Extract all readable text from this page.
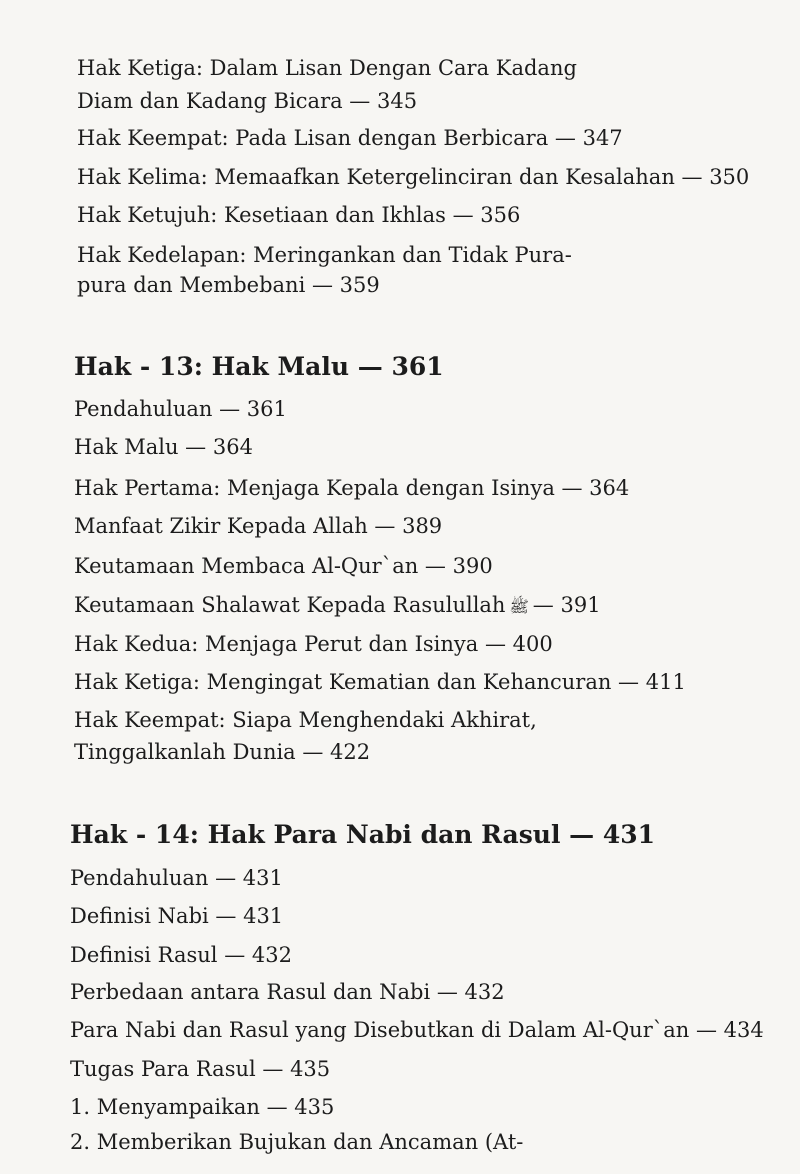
Hak Ketiga: Dalam Lisan Dengan Cara Kadang
Diam dan Kadang Bicara — 345
Hak Keempat: Pada Lisan dengan Berbicara — 347
Hak Kelima: Memaafkan Ketergelinciran dan Kesalahan — 350
Hak Ketujuh: Kesetiaan dan Ikhlas — 356
Hak Kedelapan: Meringankan dan Tidak Pura-
pura dan Membebani — 359
Hak - 13: Hak Malu — 361
Pendahuluan — 361
Hak Malu — 364
Hak Pertama: Menjaga Kepala dengan Isinya — 364
Manfaat Zikir Kepada Allah — 389
Keutamaan Membaca Al-Qur`an — 390
Keutamaan Shalawat Kepada Rasulullah ﷺ — 391
Hak Kedua: Menjaga Perut dan Isinya — 400
Hak Ketiga: Mengingat Kematian dan Kehancuran — 411
Hak Keempat: Siapa Menghendaki Akhirat,
Tinggalkanlah Dunia — 422
Hak - 14: Hak Para Nabi dan Rasul — 431
Pendahuluan — 431
Definisi Nabi — 431
Definisi Rasul — 432
Perbedaan antara Rasul dan Nabi — 432
Para Nabi dan Rasul yang Disebutkan di Dalam Al-Qur`an — 434
Tugas Para Rasul — 435
1. Menyampaikan — 435
2. Memberikan Bujukan dan Ancaman (At-
